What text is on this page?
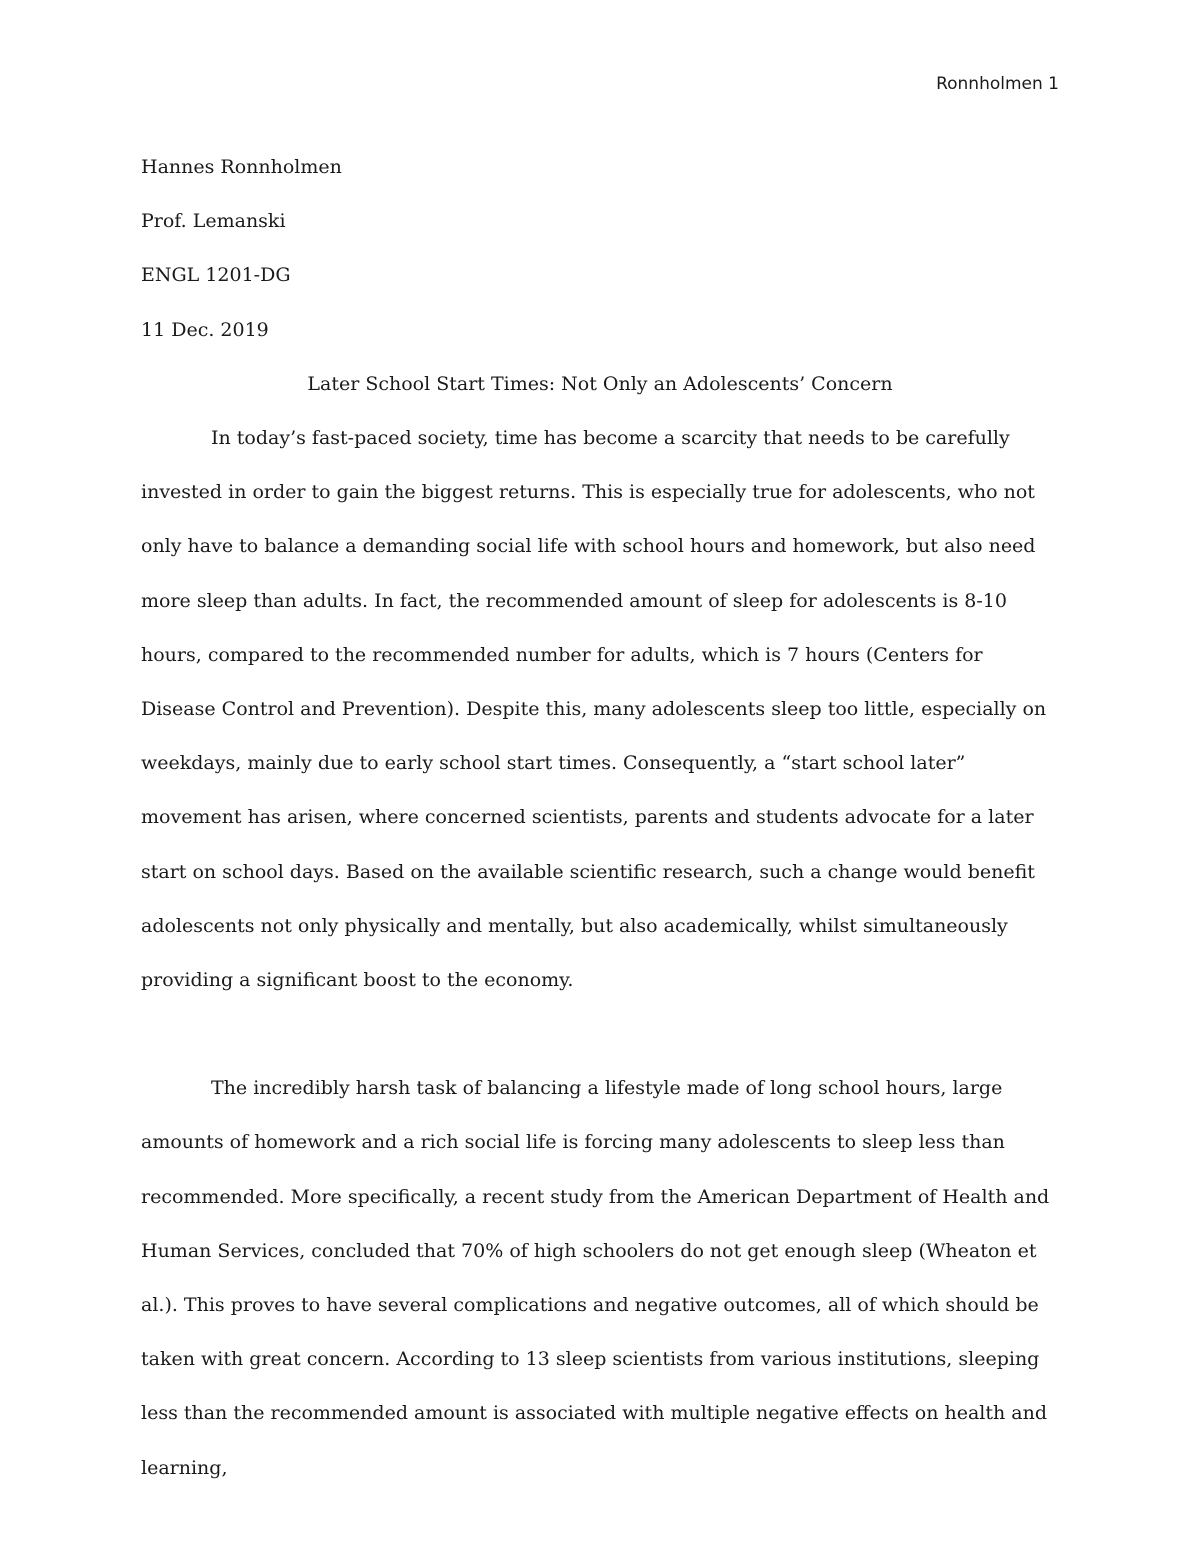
Ronnholmen 1

Hannes Ronnholmen

Prof. Lemanski

ENGL 1201-DG

11 Dec. 2019

Later School Start Times: Not Only an Adolescents’ Concern

In today’s fast-paced society, time has become a scarcity that needs to be carefully invested in order to gain the biggest returns. This is especially true for adolescents, who not only have to balance a demanding social life with school hours and homework, but also need more sleep than adults. In fact, the recommended amount of sleep for adolescents is 8-10 hours, compared to the recommended number for adults, which is 7 hours (Centers for Disease Control and Prevention). Despite this, many adolescents sleep too little, especially on weekdays, mainly due to early school start times. Consequently, a “start school later” movement has arisen, where concerned scientists, parents and students advocate for a later start on school days. Based on the available scientific research, such a change would benefit adolescents not only physically and mentally, but also academically, whilst simultaneously providing a significant boost to the economy.

The incredibly harsh task of balancing a lifestyle made of long school hours, large amounts of homework and a rich social life is forcing many adolescents to sleep less than recommended. More specifically, a recent study from the American Department of Health and Human Services, concluded that 70% of high schoolers do not get enough sleep (Wheaton et al.). This proves to have several complications and negative outcomes, all of which should be taken with great concern. According to 13 sleep scientists from various institutions, sleeping less than the recommended amount is associated with multiple negative effects on health and learning,
